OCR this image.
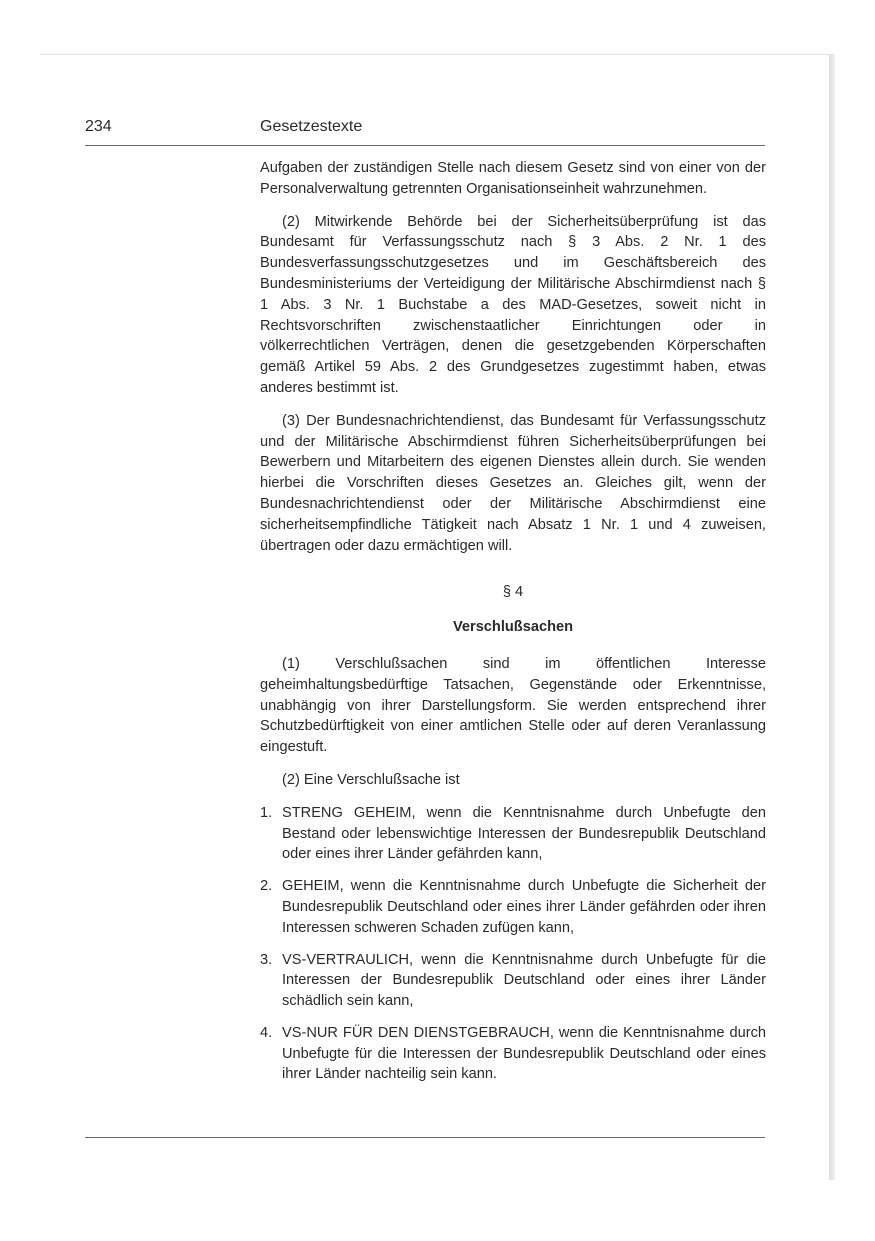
234	Gesetzestexte

Aufgaben der zuständigen Stelle nach diesem Gesetz sind von einer von der Personalverwaltung getrennten Organisationseinheit wahrzunehmen.

(2) Mitwirkende Behörde bei der Sicherheitsüberprüfung ist das Bundesamt für Verfassungsschutz nach § 3 Abs. 2 Nr. 1 des Bundesverfassungsschutzgesetzes und im Geschäftsbereich des Bundesministeriums der Verteidigung der Militärische Abschirmdienst nach § 1 Abs. 3 Nr. 1 Buchstabe a des MAD-Gesetzes, soweit nicht in Rechtsvorschriften zwischenstaatlicher Einrichtungen oder in völkerrechtlichen Verträgen, denen die gesetzgebenden Körperschaften gemäß Artikel 59 Abs. 2 des Grundgesetzes zugestimmt haben, etwas anderes bestimmt ist.

(3) Der Bundesnachrichtendienst, das Bundesamt für Verfassungsschutz und der Militärische Abschirmdienst führen Sicherheitsüberprüfungen bei Bewerbern und Mitarbeitern des eigenen Dienstes allein durch. Sie wenden hierbei die Vorschriften dieses Gesetzes an. Gleiches gilt, wenn der Bundesnachrichtendienst oder der Militärische Abschirmdienst eine sicherheitsempfindliche Tätigkeit nach Absatz 1 Nr. 1 und 4 zuweisen, übertragen oder dazu ermächtigen will.

§ 4
Verschlußsachen

(1) Verschlußsachen sind im öffentlichen Interesse geheimhaltungsbedürftige Tatsachen, Gegenstände oder Erkenntnisse, unabhängig von ihrer Darstellungsform. Sie werden entsprechend ihrer Schutzbedürftigkeit von einer amtlichen Stelle oder auf deren Veranlassung eingestuft.

(2) Eine Verschlußsache ist

1. STRENG GEHEIM, wenn die Kenntnisnahme durch Unbefugte den Bestand oder lebenswichtige Interessen der Bundesrepublik Deutschland oder eines ihrer Länder gefährden kann,
2. GEHEIM, wenn die Kenntnisnahme durch Unbefugte die Sicherheit der Bundesrepublik Deutschland oder eines ihrer Länder gefährden oder ihren Interessen schweren Schaden zufügen kann,
3. VS-VERTRAULICH, wenn die Kenntnisnahme durch Unbefugte für die Interessen der Bundesrepublik Deutschland oder eines ihrer Länder schädlich sein kann,
4. VS-NUR FÜR DEN DIENSTGEBRAUCH, wenn die Kenntnisnahme durch Unbefugte für die Interessen der Bundesrepublik Deutschland oder eines ihrer Länder nachteilig sein kann.
